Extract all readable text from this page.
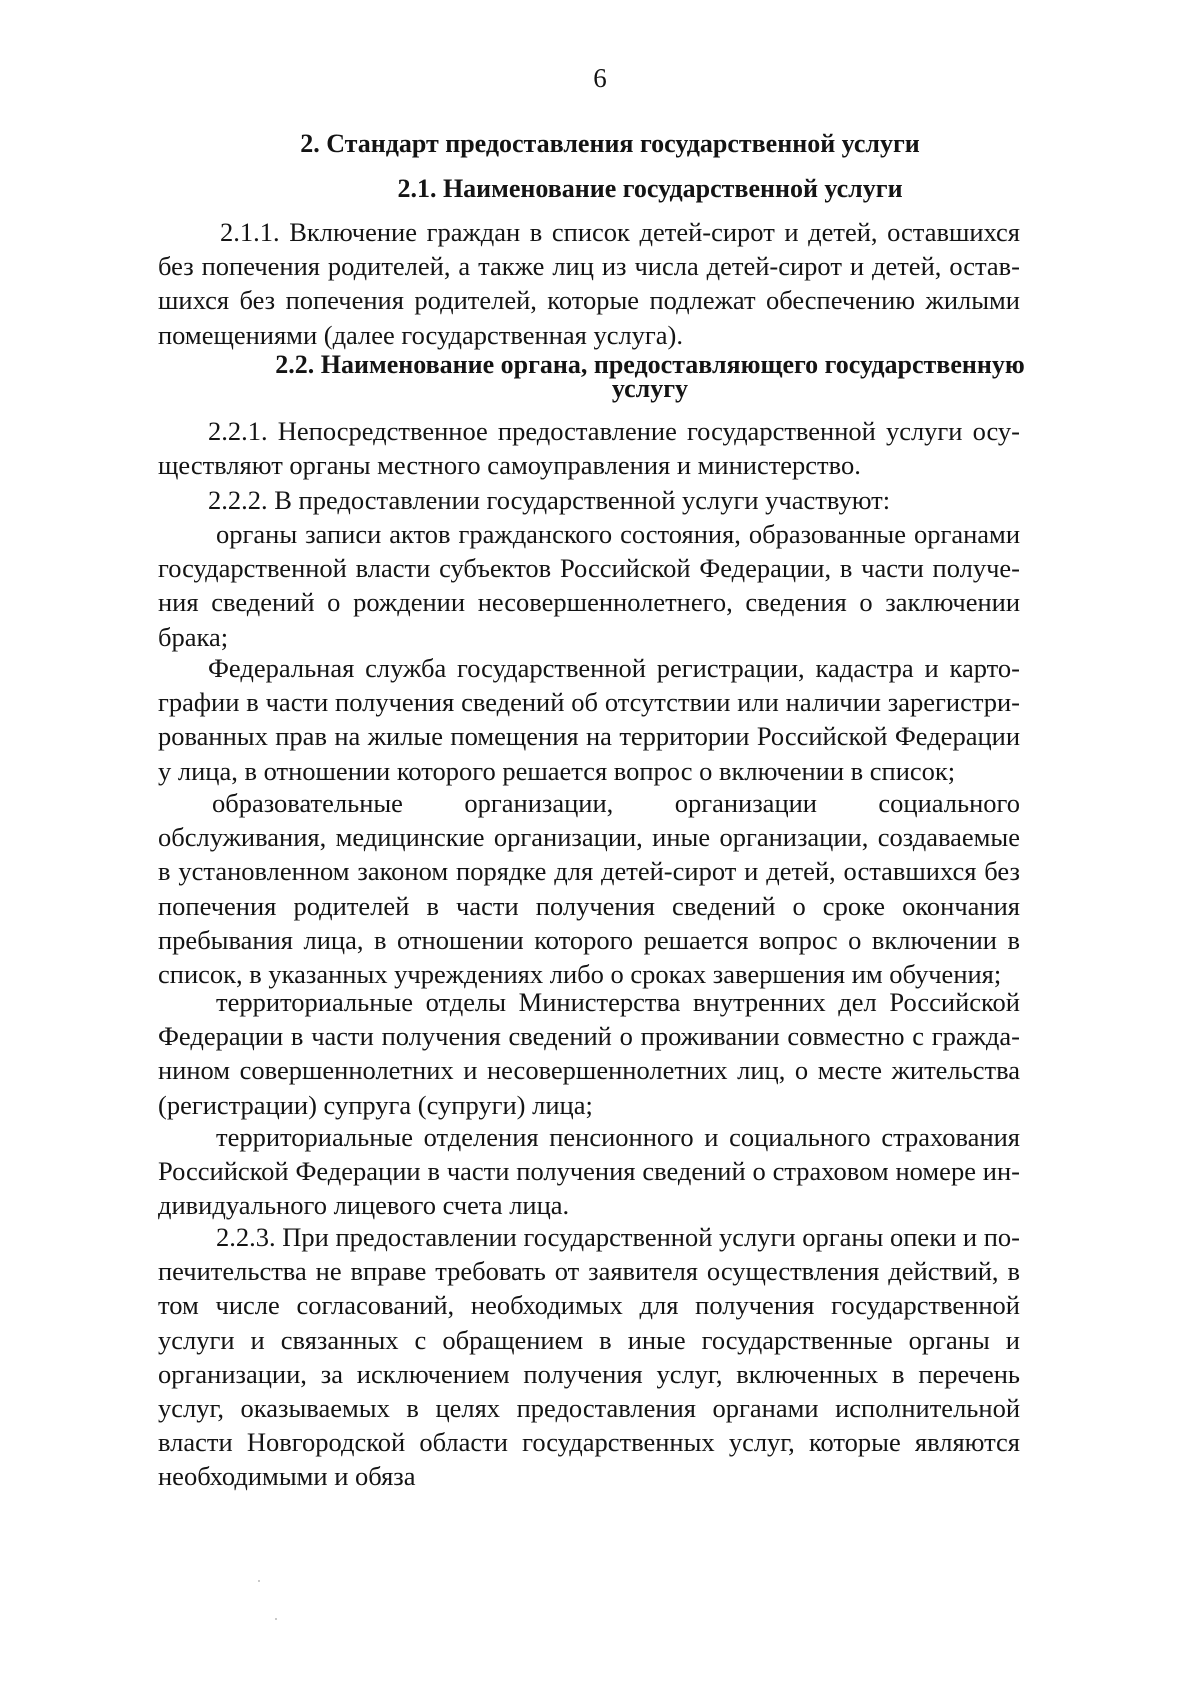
6
2. Стандарт предоставления государственной услуги
2.1. Наименование государственной услуги
2.1.1. Включение граждан в список детей-сирот и детей, оставшихся без попечения родителей, а также лиц из числа детей-сирот и детей, оставшихся без попечения родителей, которые подлежат обеспечению жилыми помещениями (далее государственная услуга).
2.2. Наименование органа, предоставляющего государственную услугу
2.2.1. Непосредственное предоставление государственной услуги осуществляют органы местного самоуправления и министерство.
2.2.2. В предоставлении государственной услуги участвуют:
органы записи актов гражданского состояния, образованные органами государственной власти субъектов Российской Федерации, в части получения сведений о рождении несовершеннолетнего, сведения о заключении брака;
Федеральная служба государственной регистрации, кадастра и картографии в части получения сведений об отсутствии или наличии зарегистрированных прав на жилые помещения на территории Российской Федерации у лица, в отношении которого решается вопрос о включении в список;
образовательные организации, организации социального обслуживания, медицинские организации, иные организации, создаваемые в установленном законом порядке для детей-сирот и детей, оставшихся без попечения родителей в части получения сведений о сроке окончания пребывания лица, в отношении которого решается вопрос о включении в список, в указанных учреждениях либо о сроках завершения им обучения;
территориальные отделы Министерства внутренних дел Российской Федерации в части получения сведений о проживании совместно с гражданином совершеннолетних и несовершеннолетних лиц, о месте жительства (регистрации) супруга (супруги) лица;
территориальные отделения пенсионного и социального страхования Российской Федерации в части получения сведений о страховом номере индивидуального лицевого счета лица.
2.2.3. При предоставлении государственной услуги органы опеки и попечительства не вправе требовать от заявителя осуществления действий, в том числе согласований, необходимых для получения государственной услуги и связанных с обращением в иные государственные органы и организации, за исключением получения услуг, включенных в перечень услуг, оказываемых в целях предоставления органами исполнительной власти Новгородской области государственных услуг, которые являются необходимыми и обяза
